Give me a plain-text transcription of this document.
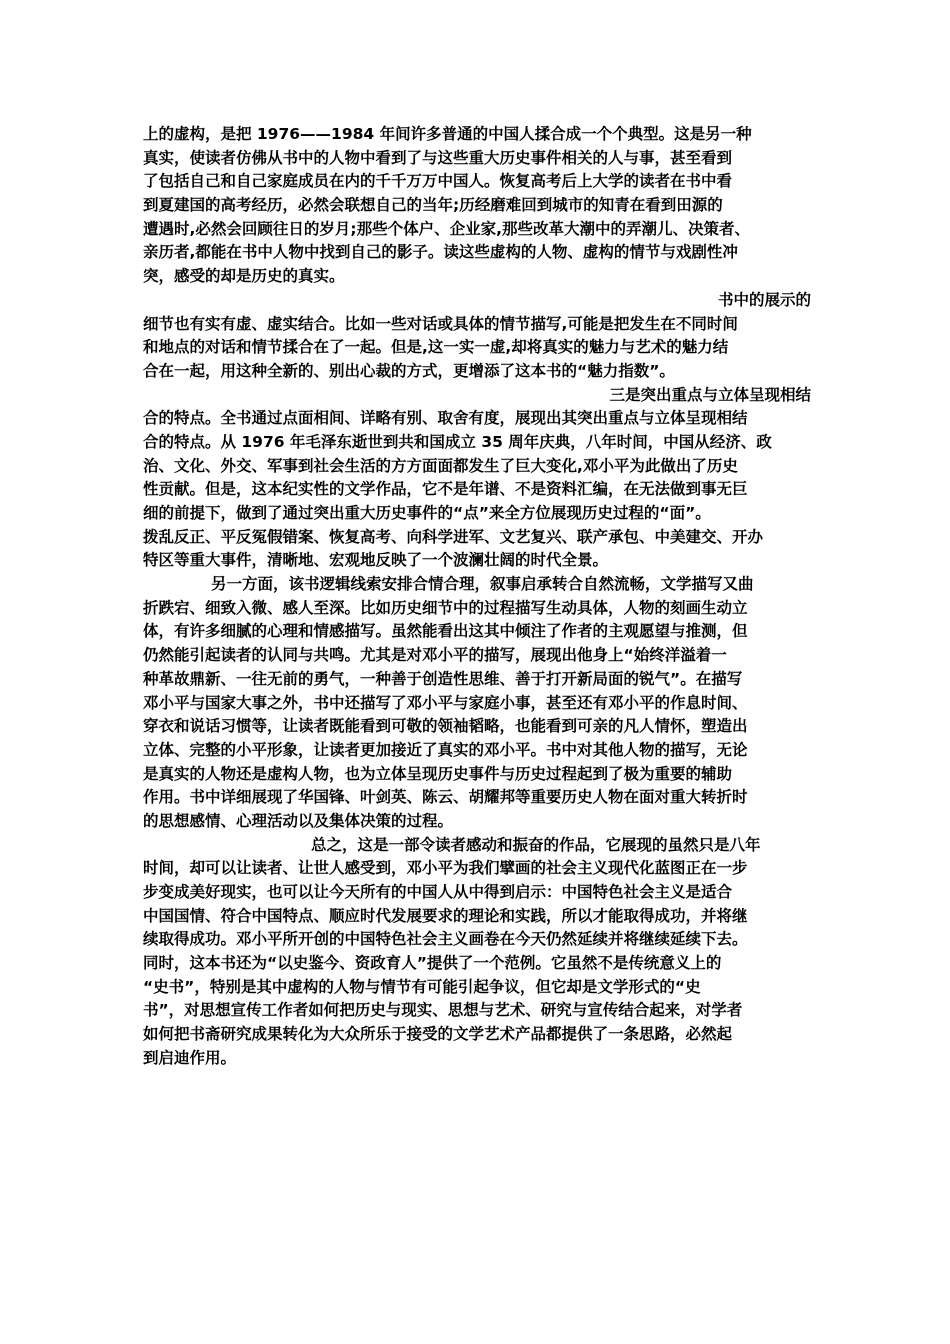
上的虚构，是把 1976——1984 年间许多普通的中国人揉合成一个个典型。这是另一种
真实，使读者仿佛从书中的人物中看到了与这些重大历史事件相关的人与事，甚至看到
了包括自己和自己家庭成员在内的千千万万中国人。恢复高考后上大学的读者在书中看
到夏建国的高考经历，必然会联想自己的当年;历经磨难回到城市的知青在看到田源的
遭遇时,必然会回顾往日的岁月;那些个体户、企业家,那些改革大潮中的弄潮儿、决策者、
亲历者,都能在书中人物中找到自己的影子。读这些虚构的人物、虚构的情节与戏剧性冲
突，感受的却是历史的真实。
书中的展示的
细节也有实有虚、虚实结合。比如一些对话或具体的情节描写,可能是把发生在不同时间
和地点的对话和情节揉合在了一起。但是,这一实一虚,却将真实的魅力与艺术的魅力结
合在一起，用这种全新的、别出心裁的方式，更增添了这本书的“魅力指数”。
三是突出重点与立体呈现相结
合的特点。全书通过点面相间、详略有别、取舍有度，展现出其突出重点与立体呈现相结
合的特点。从 1976 年毛泽东逝世到共和国成立 35 周年庆典，八年时间，中国从经济、政
治、文化、外交、军事到社会生活的方方面面都发生了巨大变化,邓小平为此做出了历史
性贡献。但是，这本纪实性的文学作品，它不是年谱、不是资料汇编，在无法做到事无巨
细的前提下，做到了通过突出重大历史事件的“点”来全方位展现历史过程的“面”。
拨乱反正、平反冤假错案、恢复高考、向科学进军、文艺复兴、联产承包、中美建交、开办
特区等重大事件，清晰地、宏观地反映了一个波澜壮阔的时代全景。
另一方面，该书逻辑线索安排合情合理，叙事启承转合自然流畅，文学描写又曲
折跌宕、细致入微、感人至深。比如历史细节中的过程描写生动具体，人物的刻画生动立
体，有许多细腻的心理和情感描写。虽然能看出这其中倾注了作者的主观愿望与推测，但
仍然能引起读者的认同与共鸣。尤其是对邓小平的描写，展现出他身上“始终洋溢着一
种革故鼎新、一往无前的勇气，一种善于创造性思维、善于打开新局面的锐气”。在描写
邓小平与国家大事之外，书中还描写了邓小平与家庭小事，甚至还有邓小平的作息时间、
穿衣和说话习惯等，让读者既能看到可敬的领袖韬略，也能看到可亲的凡人情怀，塑造出
立体、完整的小平形象，让读者更加接近了真实的邓小平。书中对其他人物的描写，无论
是真实的人物还是虚构人物，也为立体呈现历史事件与历史过程起到了极为重要的辅助
作用。书中详细展现了华国锋、叶剑英、陈云、胡耀邦等重要历史人物在面对重大转折时
的思想感情、心理活动以及集体决策的过程。
总之，这是一部令读者感动和振奋的作品，它展现的虽然只是八年
时间，却可以让读者、让世人感受到，邓小平为我们擘画的社会主义现代化蓝图正在一步
步变成美好现实，也可以让今天所有的中国人从中得到启示：中国特色社会主义是适合
中国国情、符合中国特点、顺应时代发展要求的理论和实践，所以才能取得成功，并将继
续取得成功。邓小平所开创的中国特色社会主义画卷在今天仍然延续并将继续延续下去。
同时，这本书还为“以史鉴今、资政育人”提供了一个范例。它虽然不是传统意义上的
“史书”，特别是其中虚构的人物与情节有可能引起争议，但它却是文学形式的“史
书”，对思想宣传工作者如何把历史与现实、思想与艺术、研究与宣传结合起来，对学者
如何把书斋研究成果转化为大众所乐于接受的文学艺术产品都提供了一条思路，必然起
到启迪作用。
